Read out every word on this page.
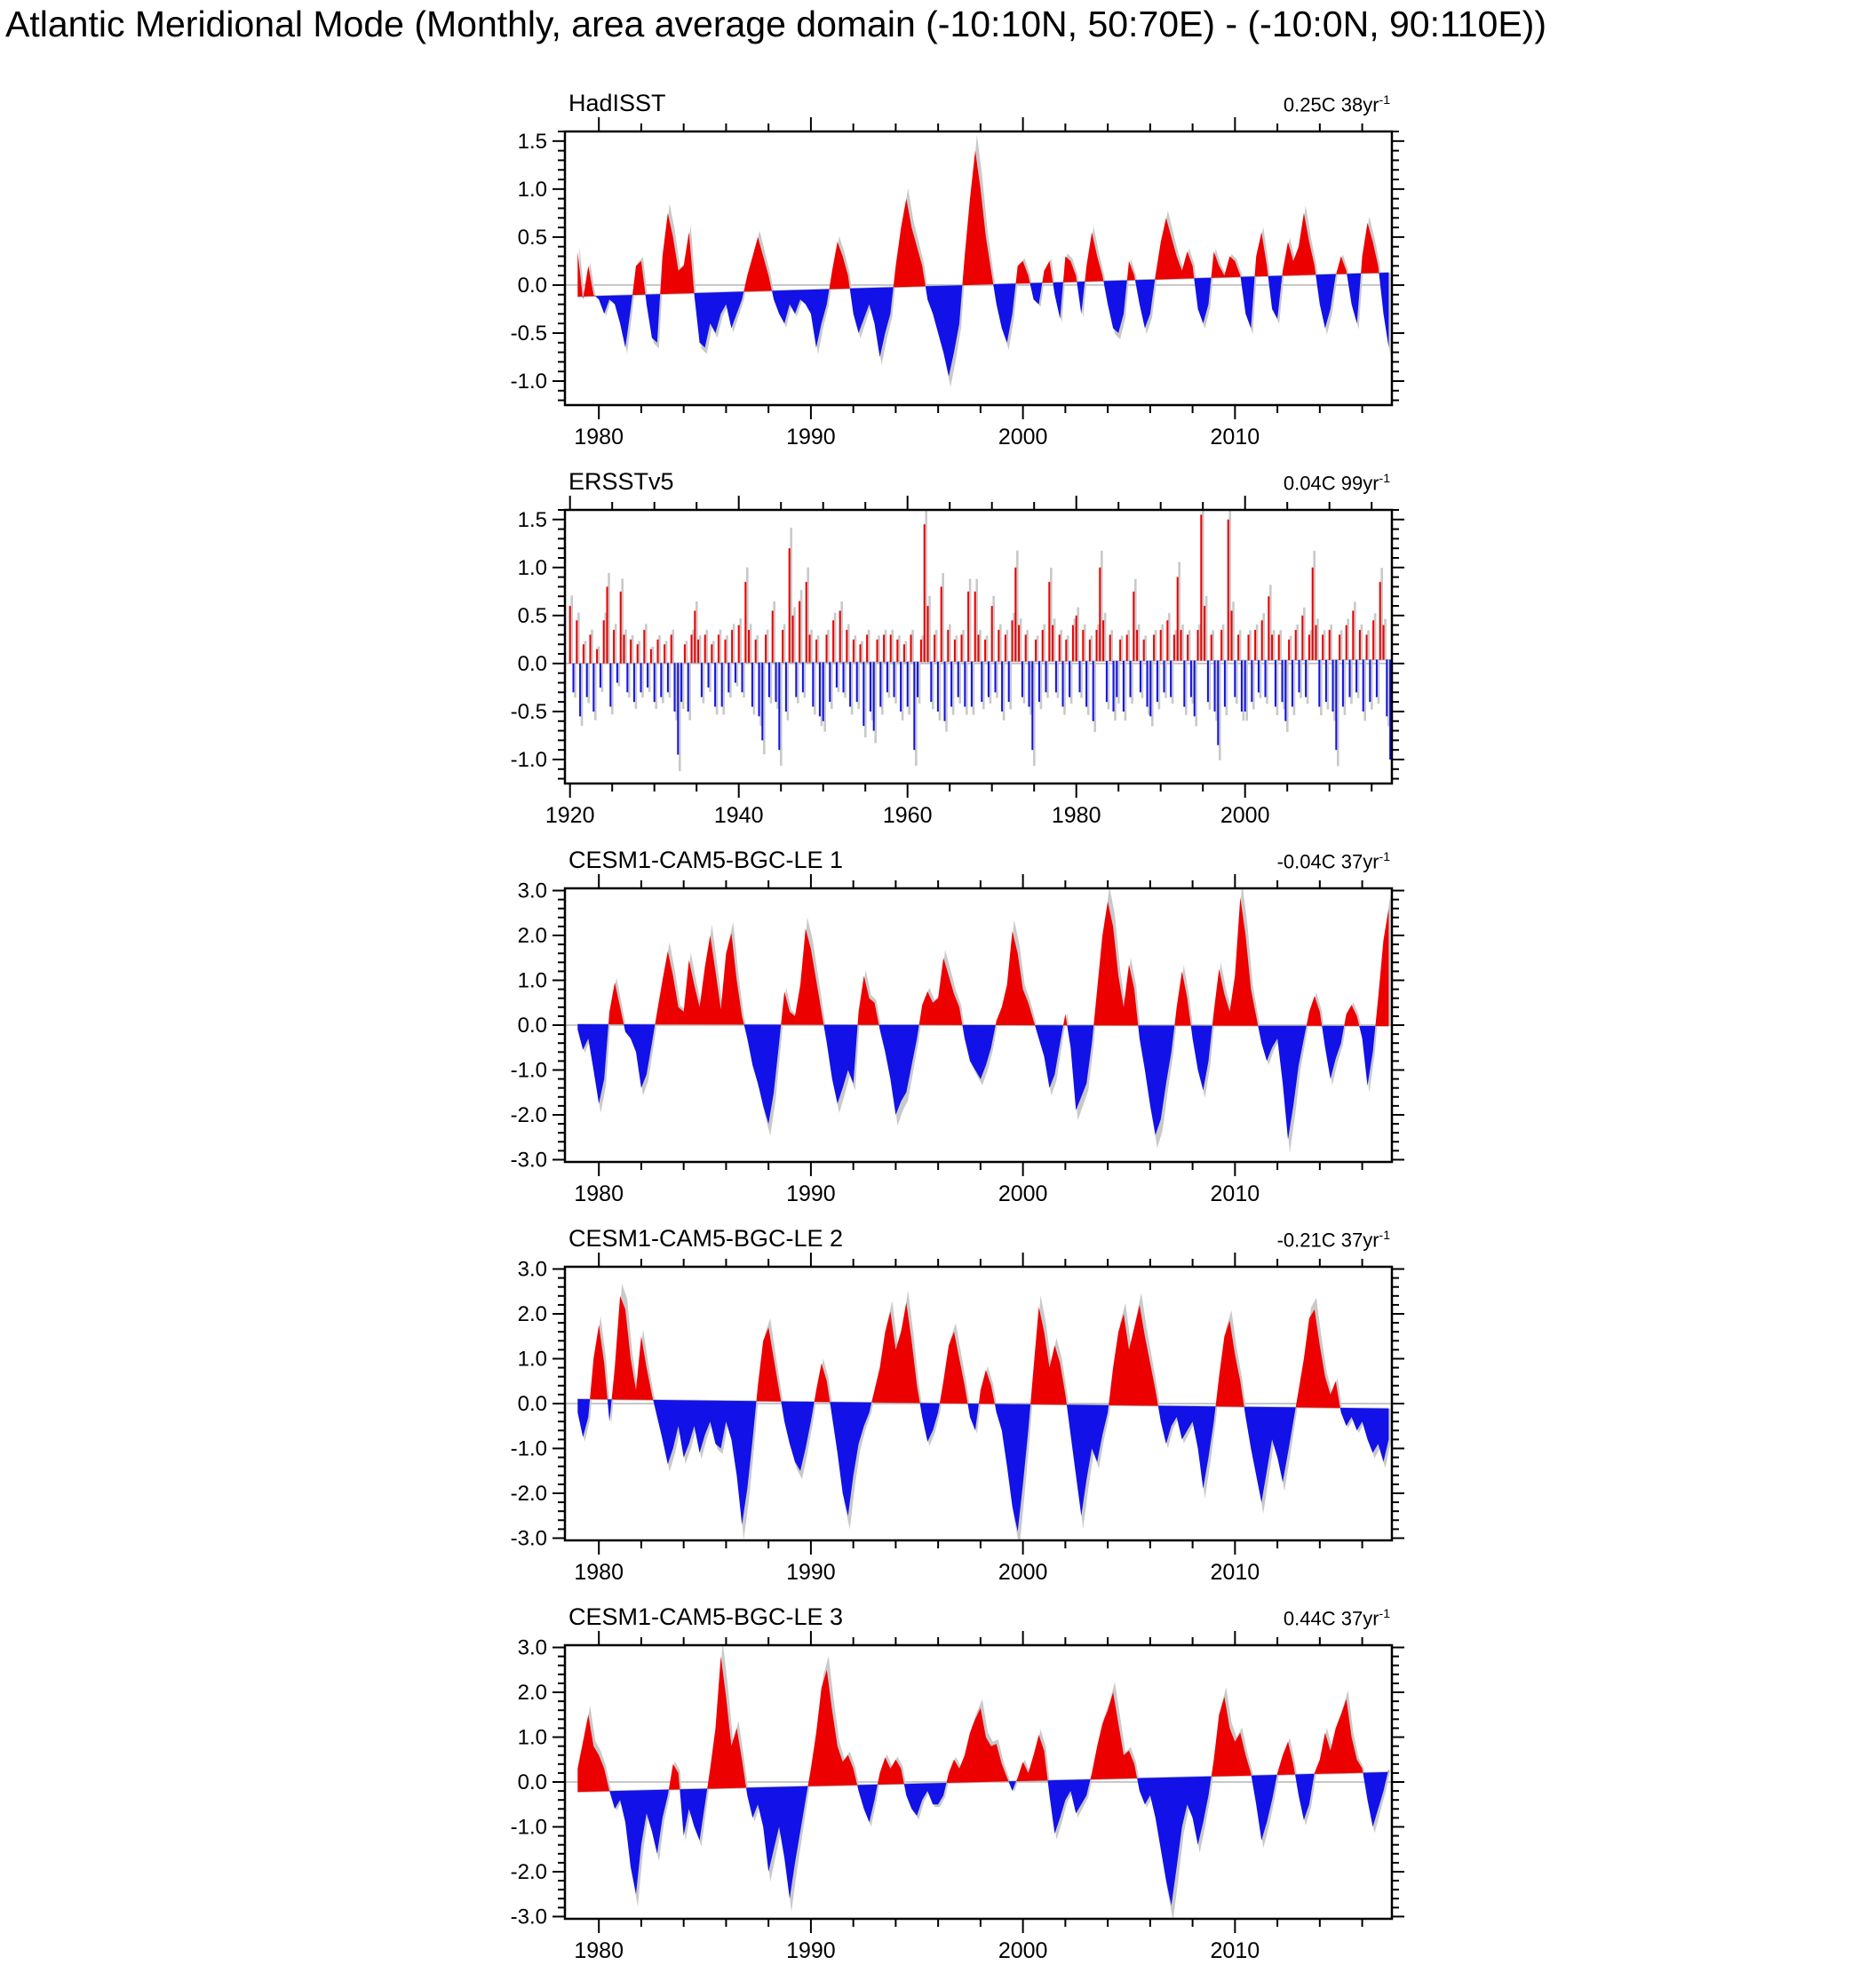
Atlantic Meridional Mode (Monthly, area average domain (-10:10N, 50:70E) - (-10:0N, 90:110E))
HadISST	0.25C $38yr^{-1}$
ERSSTv5	0.04C $99yr^{-1}$
CESM1-CAM5-BGC-LE 1	-0.04C $37yr^{-1}$
CESM1-CAM5-BGC-LE 2	-0.21C $37yr^{-1}$
CESM1-CAM5-BGC-LE 3	0.44C $37yr^{-1}$
1980	1990	2000	2010
-1.0
-0.5
0.0
0.5
1.0
1.5
1920	1940	1960	1980	2000
-1.0
-0.5
0.0
0.5
1.0
1.5
1980	1990	2000	2010
-3.0
-2.0
-1.0
0.0
1.0
2.0
3.0
1980	1990	2000	2010
-3.0
-2.0
-1.0
0.0
1.0
2.0
3.0
1980	1990	2000	2010
-3.0
-2.0
-1.0
0.0
1.0
2.0
3.0
